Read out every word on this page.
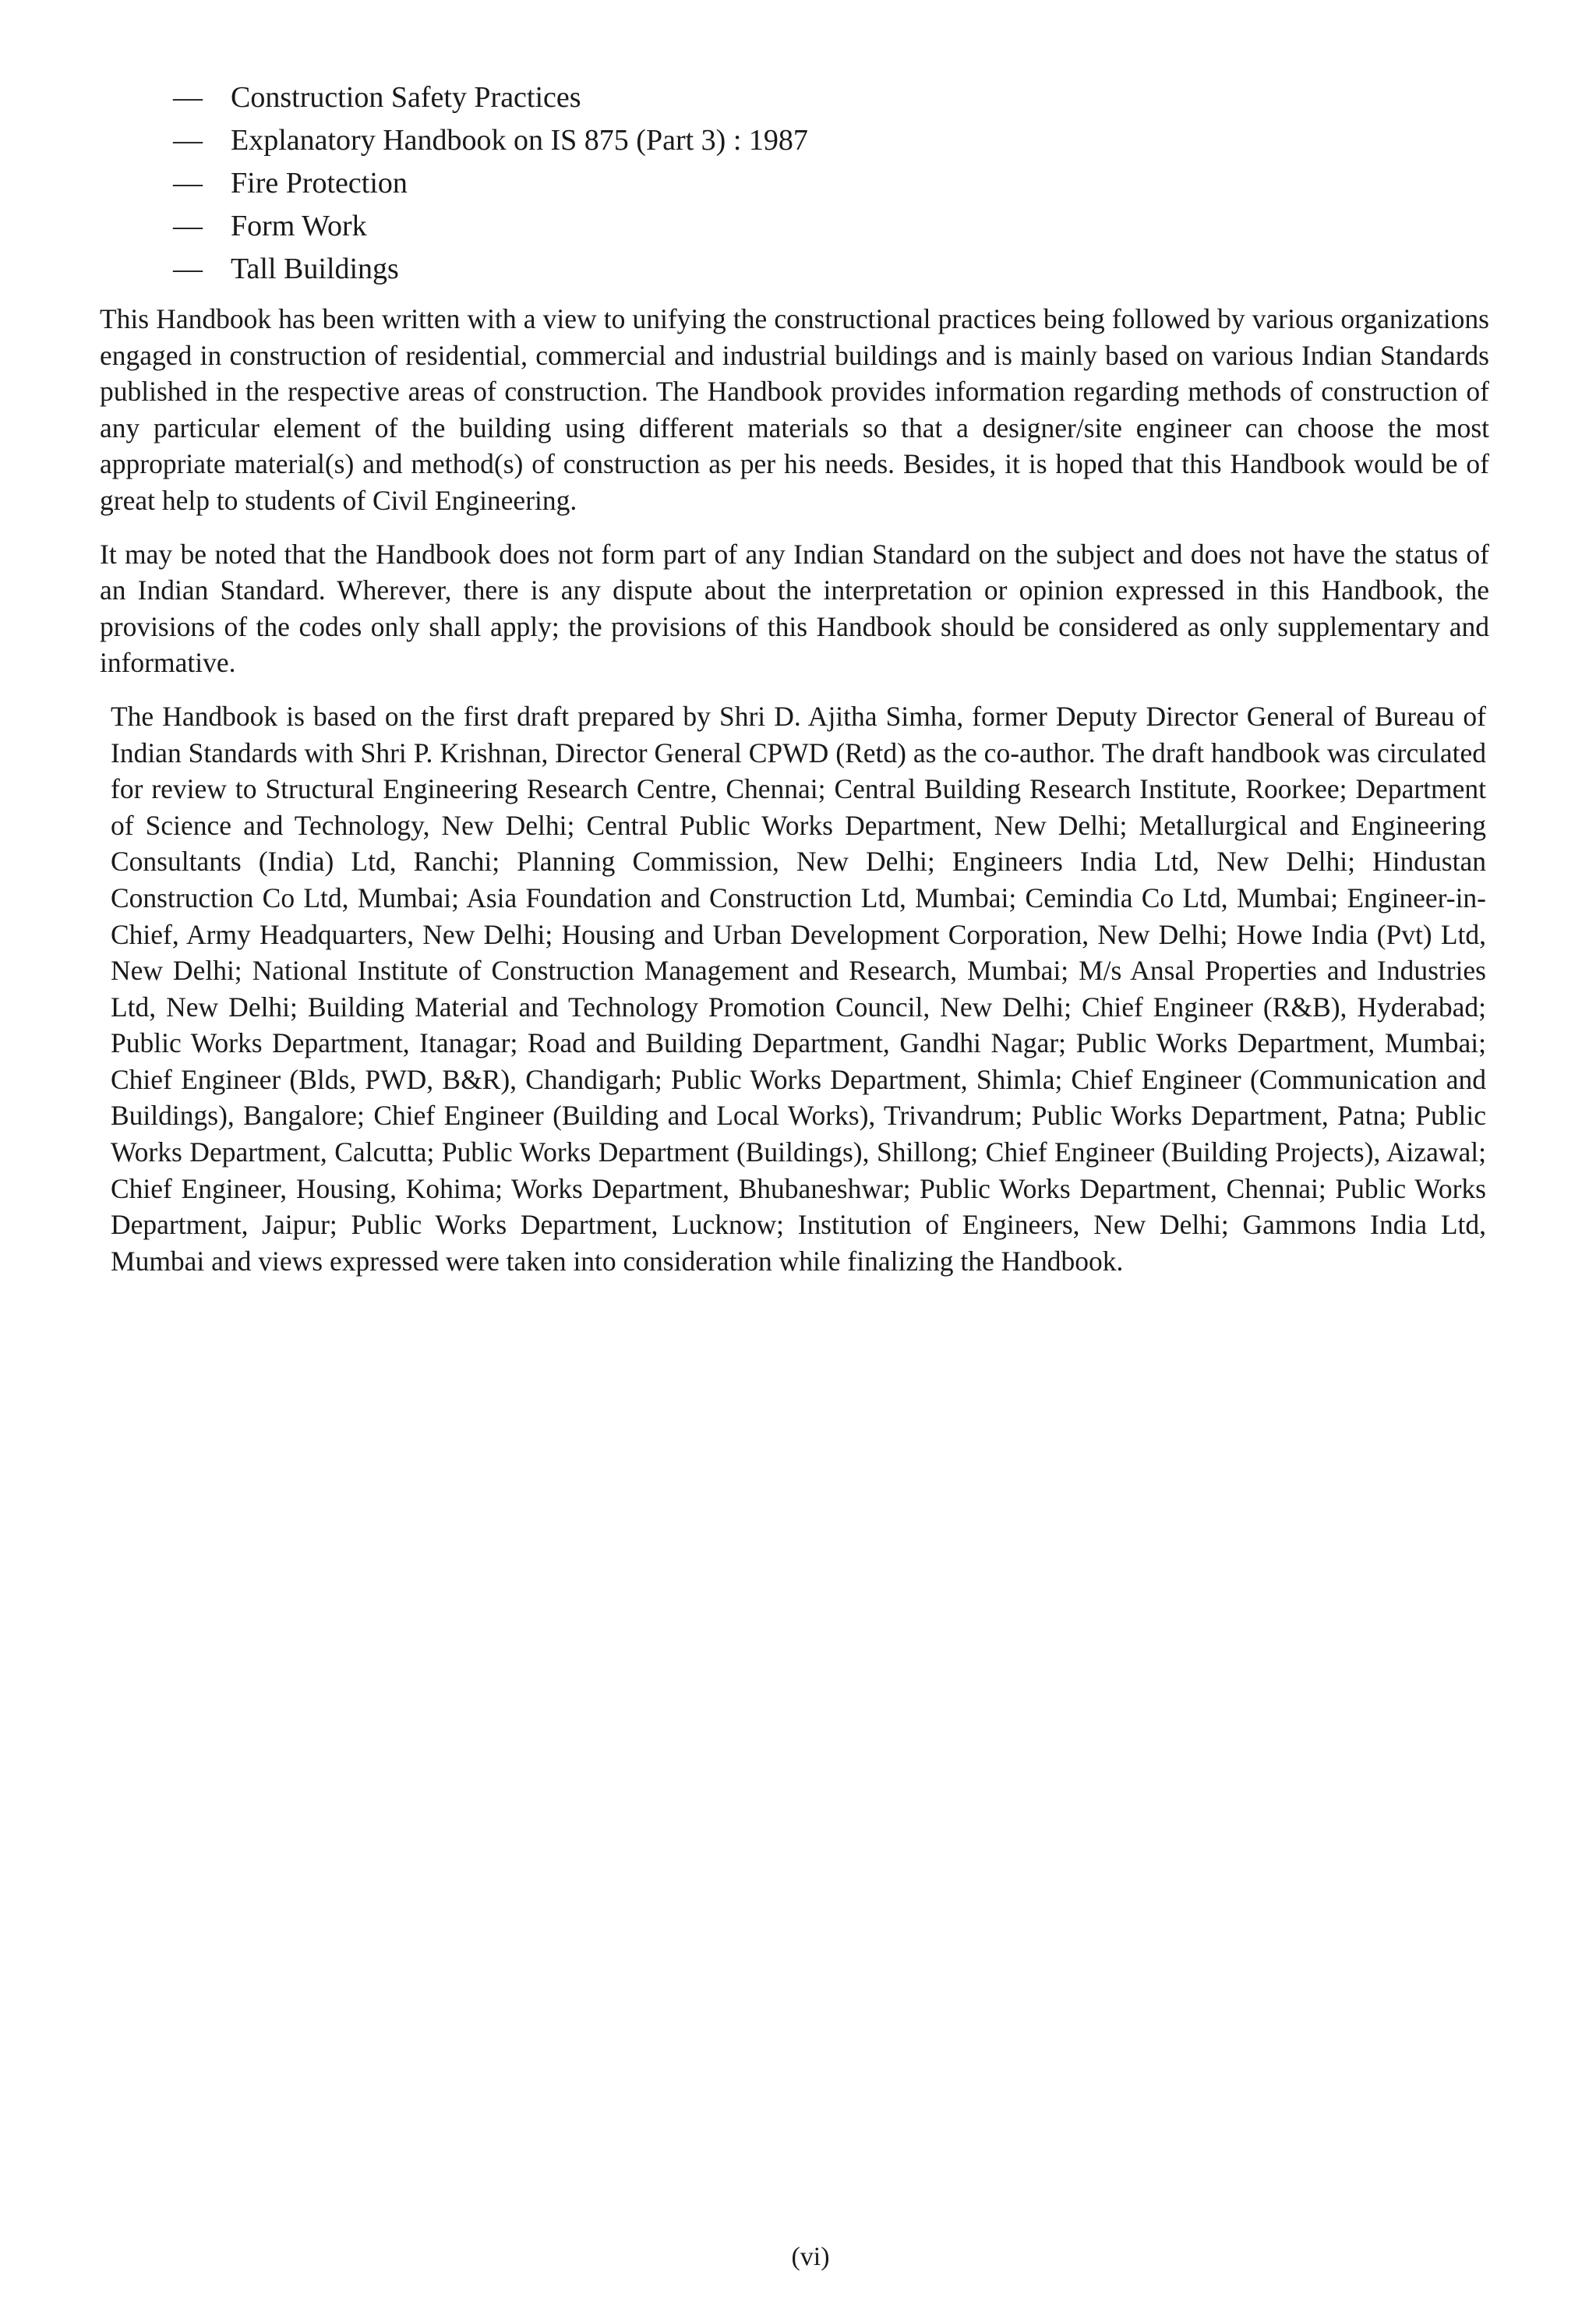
— Construction Safety Practices
— Explanatory Handbook on IS 875 (Part 3) : 1987
— Fire Protection
— Form Work
— Tall Buildings

This Handbook has been written with a view to unifying the constructional practices being followed by various organizations engaged in construction of residential, commercial and industrial buildings and is mainly based on various Indian Standards published in the respective areas of construction. The Handbook provides information regarding methods of construction of any particular element of the building using different materials so that a designer/site engineer can choose the most appropriate material(s) and method(s) of construction as per his needs. Besides, it is hoped that this Handbook would be of great help to students of Civil Engineering.

It may be noted that the Handbook does not form part of any Indian Standard on the subject and does not have the status of an Indian Standard. Wherever, there is any dispute about the interpretation or opinion expressed in this Handbook, the provisions of the codes only shall apply; the provisions of this Handbook should be considered as only supplementary and informative.

The Handbook is based on the first draft prepared by Shri D. Ajitha Simha, former Deputy Director General of Bureau of Indian Standards with Shri P. Krishnan, Director General CPWD (Retd) as the co-author. The draft handbook was circulated for review to Structural Engineering Research Centre, Chennai; Central Building Research Institute, Roorkee; Department of Science and Technology, New Delhi; Central Public Works Department, New Delhi; Metallurgical and Engineering Consultants (India) Ltd, Ranchi; Planning Commission, New Delhi; Engineers India Ltd, New Delhi; Hindustan Construction Co Ltd, Mumbai; Asia Foundation and Construction Ltd, Mumbai; Cemindia Co Ltd, Mumbai; Engineer-in-Chief, Army Headquarters, New Delhi; Housing and Urban Development Corporation, New Delhi; Howe India (Pvt) Ltd, New Delhi; National Institute of Construction Management and Research, Mumbai; M/s Ansal Properties and Industries Ltd, New Delhi; Building Material and Technology Promotion Council, New Delhi; Chief Engineer (R&B), Hyderabad; Public Works Department, Itanagar; Road and Building Department, Gandhi Nagar; Public Works Department, Mumbai; Chief Engineer (Blds, PWD, B&R), Chandigarh; Public Works Department, Shimla; Chief Engineer (Communication and Buildings), Bangalore; Chief Engineer (Building and Local Works), Trivandrum; Public Works Department, Patna; Public Works Department, Calcutta; Public Works Department (Buildings), Shillong; Chief Engineer (Building Projects), Aizawal; Chief Engineer, Housing, Kohima; Works Department, Bhubaneshwar; Public Works Department, Chennai; Public Works Department, Jaipur; Public Works Department, Lucknow; Institution of Engineers, New Delhi; Gammons India Ltd, Mumbai and views expressed were taken into consideration while finalizing the Handbook.

(vi)
